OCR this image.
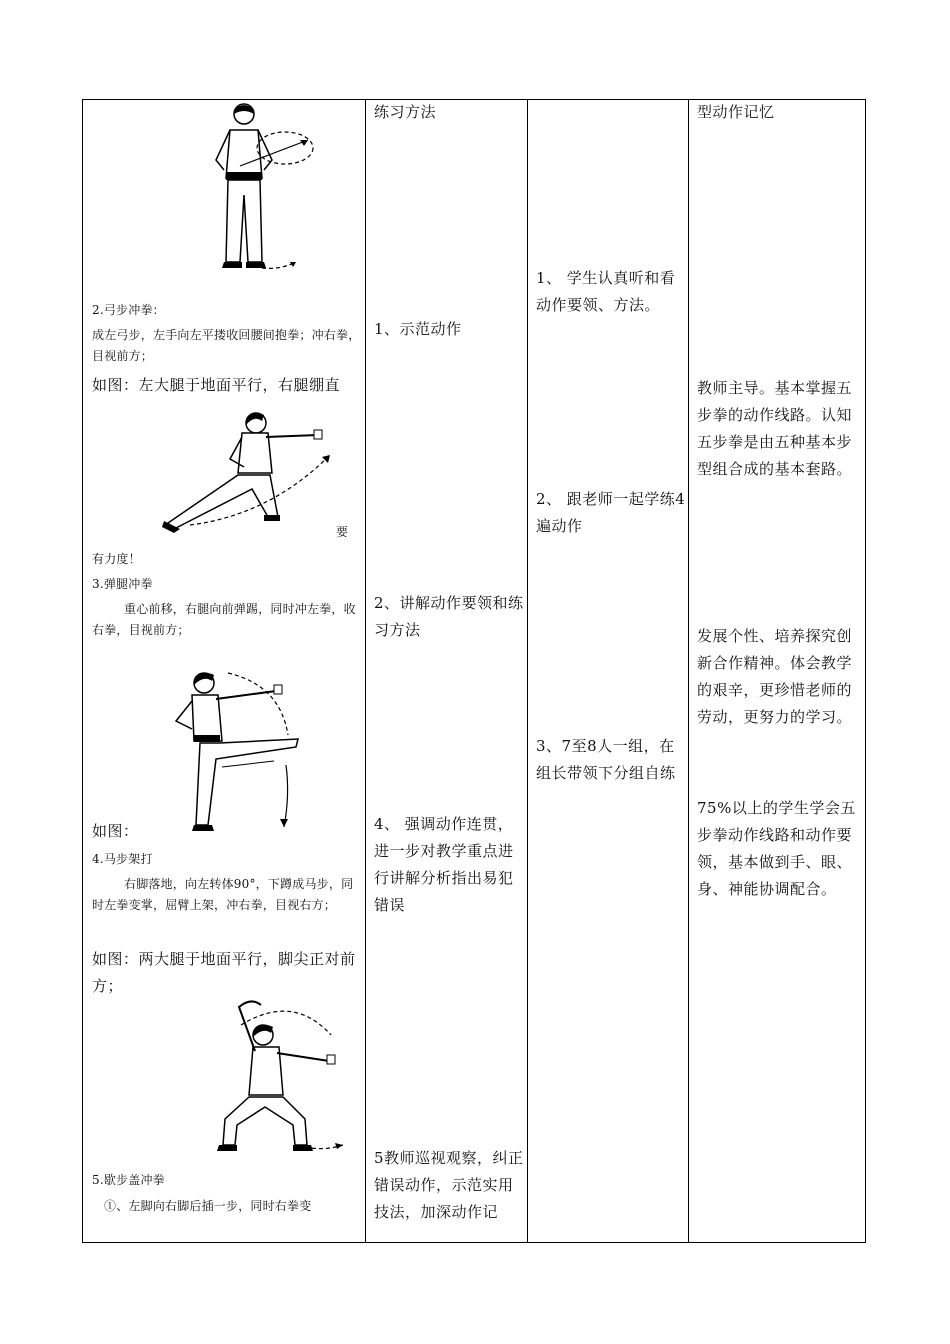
2.弓步冲拳：
成左弓步，左手向左平搂收回腰间抱拳；冲右拳，目视前方；
如图：左大腿于地面平行，右腿绷直
要
有力度！
3.弹腿冲拳
重心前移，右腿向前弹踢，同时冲左拳，收右拳，目视前方；
如图：
4.马步架打
右脚落地，向左转体90°，下蹲成马步，同时左拳变掌，屈臂上架，冲右拳，目视右方；
如图：两大腿于地面平行，脚尖正对前方；
5.歇步盖冲拳
①、左脚向右脚后插一步，同时右拳变
练习方法
1、示范动作
2、讲解动作要领和练习方法
4、 强调动作连贯，进一步对教学重点进行讲解分析指出易犯错误
5教师巡视观察，纠正错误动作，示范实用技法，加深动作记
1、 学生认真听和看动作要领、方法。
2、 跟老师一起学练4遍动作
3、7至8人一组，在组长带领下分组自练
型动作记忆
教师主导。基本掌握五步拳的动作线路。认知五步拳是由五种基本步型组合成的基本套路。
发展个性、培养探究创新合作精神。体会教学的艰辛，更珍惜老师的劳动，更努力的学习。
75%以上的学生学会五步拳动作线路和动作要领，基本做到手、眼、身、神能协调配合。
